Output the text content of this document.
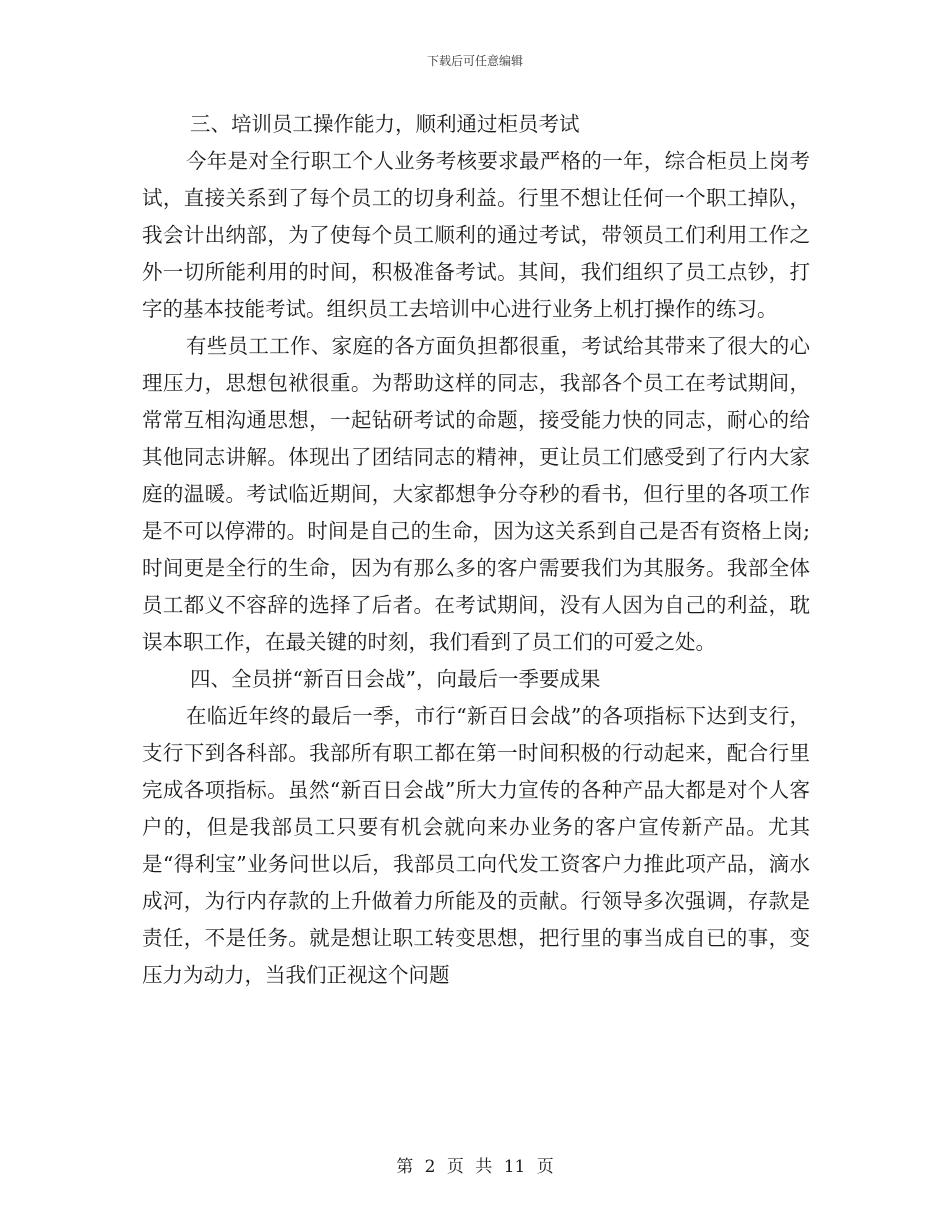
下载后可任意编辑

三、培训员工操作能力，顺利通过柜员考试

今年是对全行职工个人业务考核要求最严格的一年，综合柜员上岗考试，直接关系到了每个员工的切身利益。行里不想让任何一个职工掉队，我会计出纳部，为了使每个员工顺利的通过考试，带领员工们利用工作之外一切所能利用的时间，积极准备考试。其间，我们组织了员工点钞，打字的基本技能考试。组织员工去培训中心进行业务上机打操作的练习。

有些员工工作、家庭的各方面负担都很重，考试给其带来了很大的心理压力，思想包袱很重。为帮助这样的同志，我部各个员工在考试期间，常常互相沟通思想，一起钻研考试的命题，接受能力快的同志，耐心的给其他同志讲解。体现出了团结同志的精神，更让员工们感受到了行内大家庭的温暖。考试临近期间，大家都想争分夺秒的看书，但行里的各项工作是不可以停滞的。时间是自己的生命，因为这关系到自己是否有资格上岗;时间更是全行的生命，因为有那么多的客户需要我们为其服务。我部全体员工都义不容辞的选择了后者。在考试期间，没有人因为自己的利益，耽误本职工作，在最关键的时刻，我们看到了员工们的可爱之处。

四、全员拼“新百日会战”，向最后一季要成果

在临近年终的最后一季，市行“新百日会战”的各项指标下达到支行，支行下到各科部。我部所有职工都在第一时间积极的行动起来，配合行里完成各项指标。虽然“新百日会战”所大力宣传的各种产品大都是对个人客户的，但是我部员工只要有机会就向来办业务的客户宣传新产品。尤其是“得利宝”业务问世以后，我部员工向代发工资客户力推此项产品，滴水成河，为行内存款的上升做着力所能及的贡献。行领导多次强调，存款是责任，不是任务。就是想让职工转变思想，把行里的事当成自已的事，变压力为动力，当我们正视这个问题

第 2 页 共 11 页
